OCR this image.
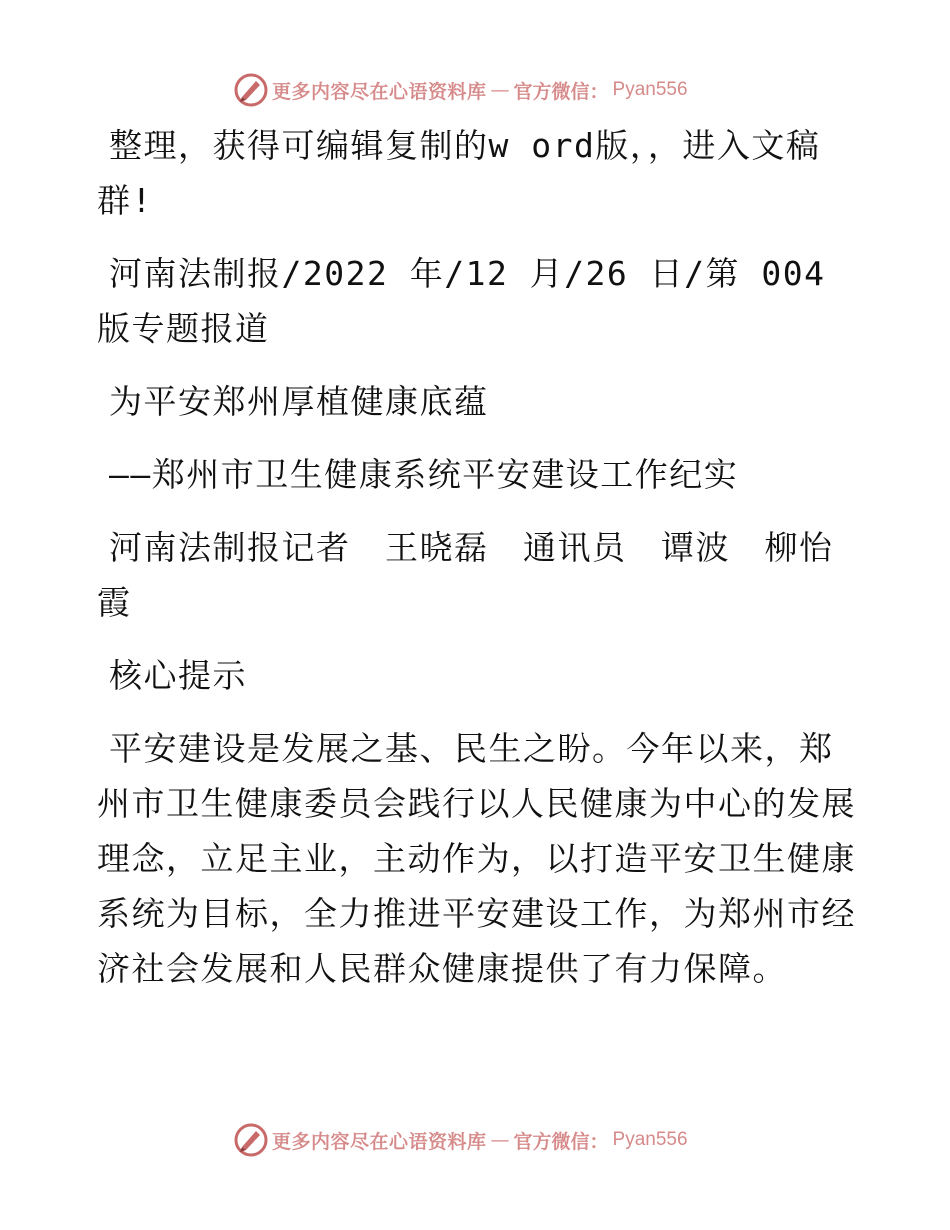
更多内容尽在心语资料库 — 官方微信： Pyan556

整理，获得可编辑复制的w ord版，，进入文稿群!

河南法制报/2022 年/12 月/26 日/第 004 版专题报道

为平安郑州厚植健康底蕴

——郑州市卫生健康系统平安建设工作纪实

河南法制报记者　王晓磊　通讯员　谭波　柳怡霞

核心提示

平安建设是发展之基、民生之盼。今年以来，郑州市卫生健康委员会践行以人民健康为中心的发展理念，立足主业，主动作为，以打造平安卫生健康系统为目标，全力推进平安建设工作，为郑州市经济社会发展和人民群众健康提供了有力保障。

更多内容尽在心语资料库 — 官方微信： Pyan556
